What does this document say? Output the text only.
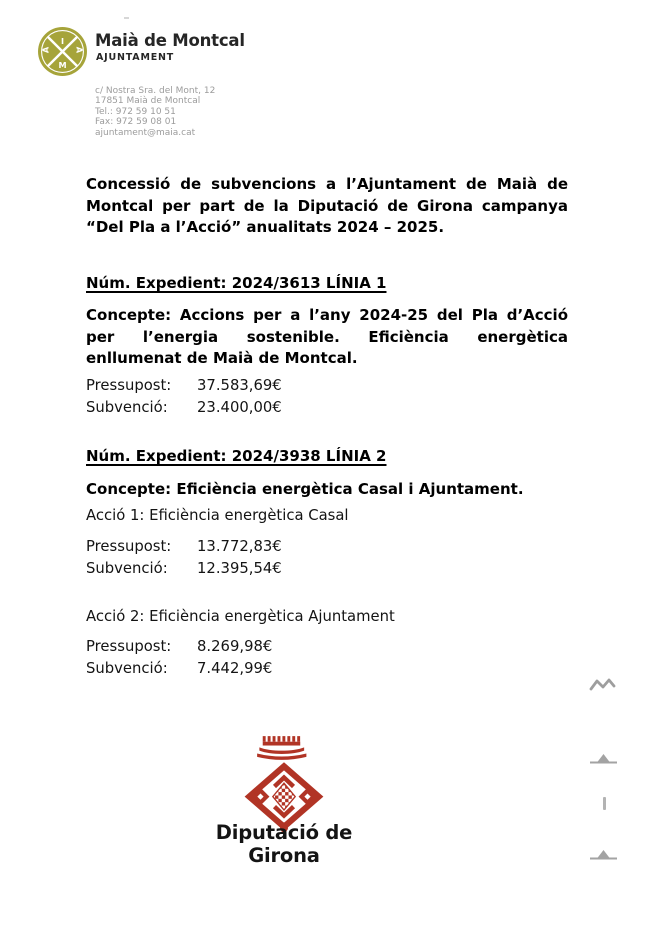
I
A	A
M
Maià de Montcal
AJUNTAMENT
c/ Nostra Sra. del Mont, 12
17851 Maià de Montcal
Tel.: 972 59 10 51
Fax: 972 59 08 01
ajuntament@maia.cat
Concessió de subvencions a l’Ajuntament de Maià de
Montcal per part de la Diputació de Girona campanya
“Del Pla a l’Acció” anualitats 2024 – 2025.
Núm. Expedient: 2024/3613 LÍNIA 1
Concepte: Accions per a l’any 2024-25 del Pla d’Acció
per l’energia sostenible. Eficiència energètica
enllumenat de Maià de Montcal.
Pressupost:	37.583,69€
Subvenció:	23.400,00€
Núm. Expedient: 2024/3938 LÍNIA 2
Concepte: Eficiència energètica Casal i Ajuntament.
Acció 1: Eficiència energètica Casal
Pressupost:	13.772,83€
Subvenció:	12.395,54€
Acció 2: Eficiència energètica Ajuntament
Pressupost:	8.269,98€
Subvenció:	7.442,99€
Diputació de Girona
